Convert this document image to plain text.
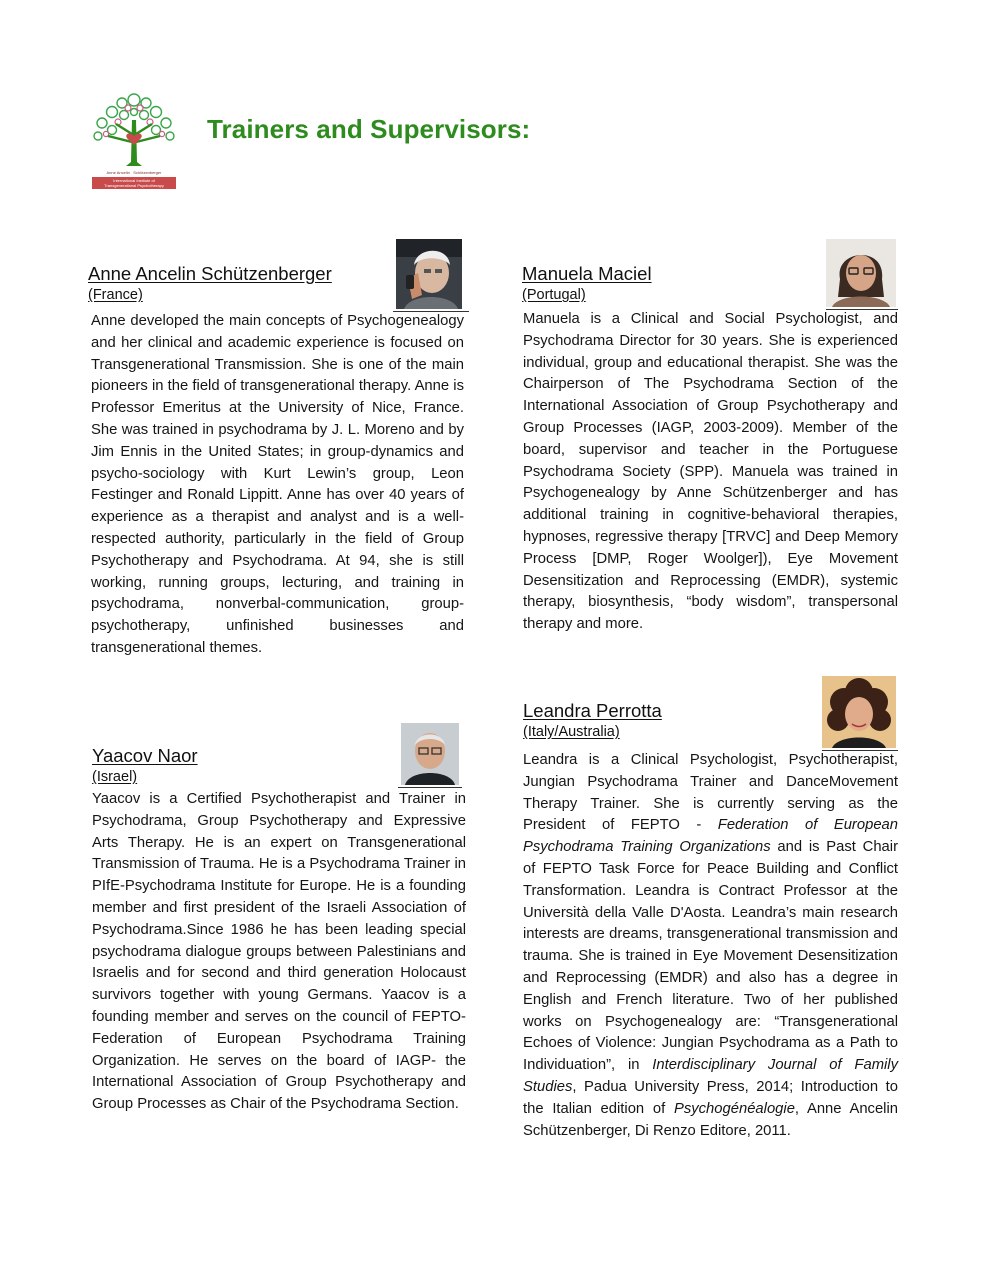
Anne Ancelin Schützenberger
International Institute of
Transgenerational Psychotherapy
Trainers and Supervisors:
Anne Ancelin Schützenberger
(France)

Anne developed the main concepts of Psychogenealogy and her clinical and academic experience is focused on Transgenerational Transmission. She is one of the main pioneers in the field of transgenerational therapy. Anne is Professor Emeritus at the University of Nice, France. She was trained in psychodrama by J. L. Moreno and by Jim Ennis in the United States; in group-dynamics and psycho-sociology with Kurt Lewin’s group, Leon Festinger and Ronald Lippitt. Anne has over 40 years of experience as a therapist and analyst and is a well-respected authority, particularly in the field of Group Psychotherapy and Psychodrama. At 94, she is still working, running groups, lecturing, and training in psychodrama, nonverbal-communication, group-psychotherapy, unfinished businesses and transgenerational themes.

Yaacov Naor
(Israel)

Yaacov is a Certified Psychotherapist and Trainer in Psychodrama, Group Psychotherapy and Expressive Arts Therapy. He is an expert on Transgenerational Transmission of Trauma. He is a Psychodrama Trainer in PIfE-Psychodrama Institute for Europe. He is a founding member and first president of the Israeli Association of Psychodrama.Since 1986 he has been leading special psychodrama dialogue groups between Palestinians and Israelis and for second and third generation Holocaust survivors together with young Germans. Yaacov is a founding member and serves on the council of FEPTO-Federation of European Psychodrama Training Organization. He serves on the board of IAGP- the International Association of Group Psychotherapy and Group Processes as Chair of the Psychodrama Section.

Manuela Maciel
(Portugal)

Manuela is a Clinical and Social Psychologist, and Psychodrama Director for 30 years. She is experienced individual, group and educational therapist. She was the Chairperson of The Psychodrama Section of the International Association of Group Psychotherapy and Group Processes (IAGP, 2003-2009). Member of the board, supervisor and teacher in the Portuguese Psychodrama Society (SPP). Manuela was trained in Psychogenealogy by Anne Schützenberger and has additional training in cognitive-behavioral therapies, hypnoses, regressive therapy [TRVC] and Deep Memory Process [DMP, Roger Woolger]), Eye Movement Desensitization and Reprocessing (EMDR), systemic therapy, biosynthesis, “body wisdom”, transpersonal therapy and more.

Leandra Perrotta
(Italy/Australia)

Leandra is a Clinical Psychologist, Psychotherapist, Jungian Psychodrama Trainer and DanceMovement Therapy Trainer. She is currently serving as the President of FEPTO - Federation of European Psychodrama Training Organizations and is Past Chair of FEPTO Task Force for Peace Building and Conflict Transformation. Leandra is Contract Professor at the Università della Valle D'Aosta. Leandra’s main research interests are dreams, transgenerational transmission and trauma. She is trained in Eye Movement Desensitization and Reprocessing (EMDR) and also has a degree in English and French literature. Two of her published works on Psychogenealogy are: “Transgenerational Echoes of Violence: Jungian Psychodrama as a Path to Individuation”, in Interdisciplinary Journal of Family Studies, Padua University Press, 2014; Introduction to the Italian edition of Psychogénéalogie, Anne Ancelin Schützenberger, Di Renzo Editore, 2011.
